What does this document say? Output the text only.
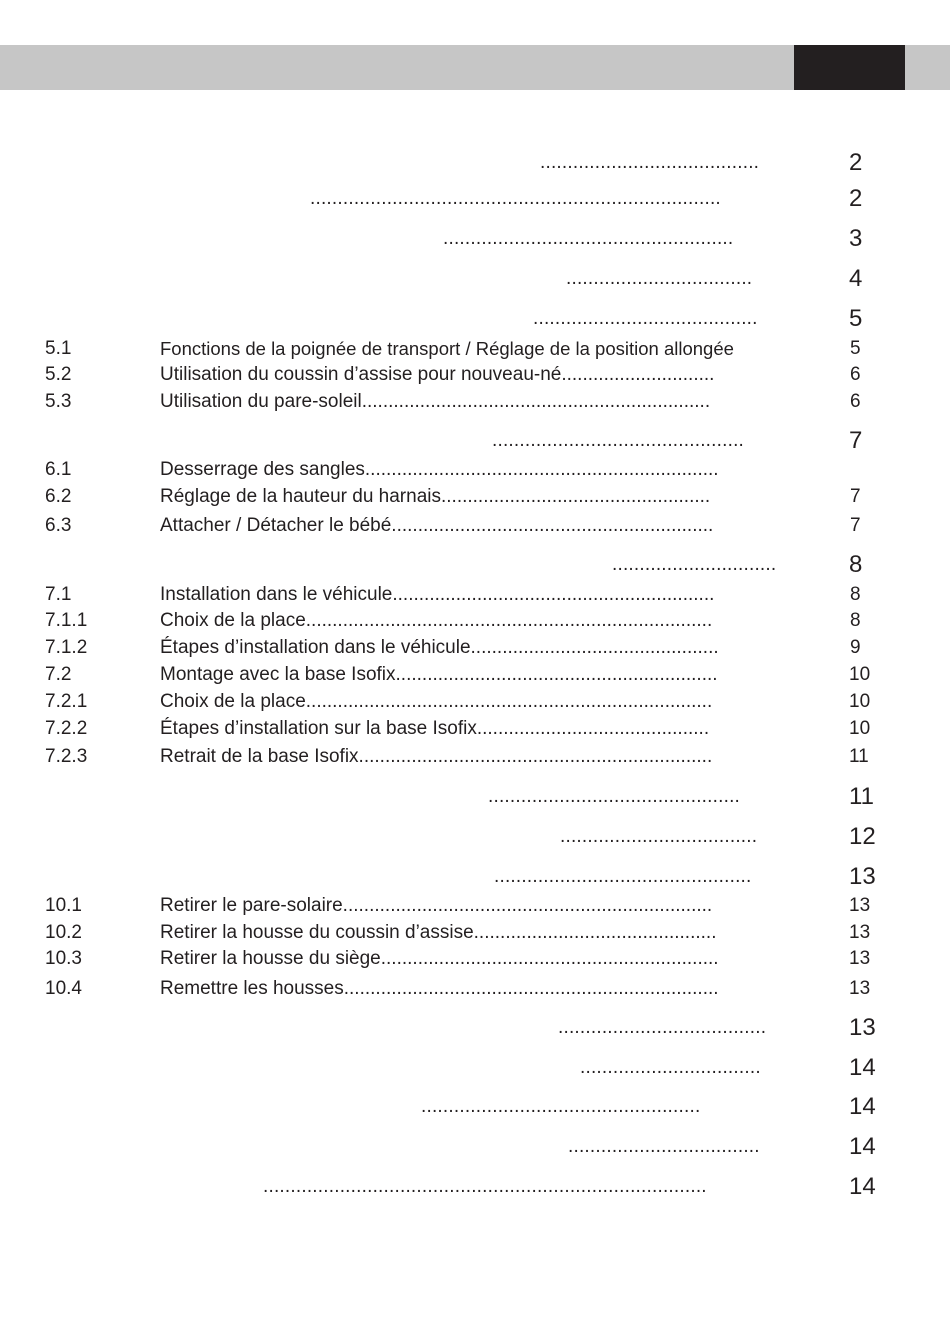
........................................	2
...........................................................................	2
.....................................................	3
..................................	4
.........................................	5
5.1	Fonctions de la poignée de transport / Réglage de la position allongée	5
5.2	Utilisation du coussin d’assise pour nouveau-né.............................	6
5.3	Utilisation du pare-soleil..................................................................	6
..............................................	7
6.1	Desserrage des sangles...................................................................
6.2	Réglage de la hauteur du harnais...................................................	7
6.3	Attacher / Détacher le bébé.............................................................	7
..............................	8
7.1	Installation dans le véhicule.............................................................	8
7.1.1	Choix de la place.............................................................................	8
7.1.2	Étapes d’installation dans le véhicule...............................................	9
7.2	Montage avec la base Isofix.............................................................	10
7.2.1	Choix de la place.............................................................................	10
7.2.2	Étapes d’installation sur la base Isofix............................................	10
7.2.3	Retrait de la base Isofix...................................................................	11
..............................................	11
....................................	12
...............................................	13
10.1	Retirer le pare-solaire......................................................................	13
10.2	Retirer la housse du coussin d’assise..............................................	13
10.3	Retirer la housse du siège................................................................	13
10.4	Remettre les housses.......................................................................	13
......................................	13
.................................	14
...................................................	14
...................................	14
.................................................................................	14
